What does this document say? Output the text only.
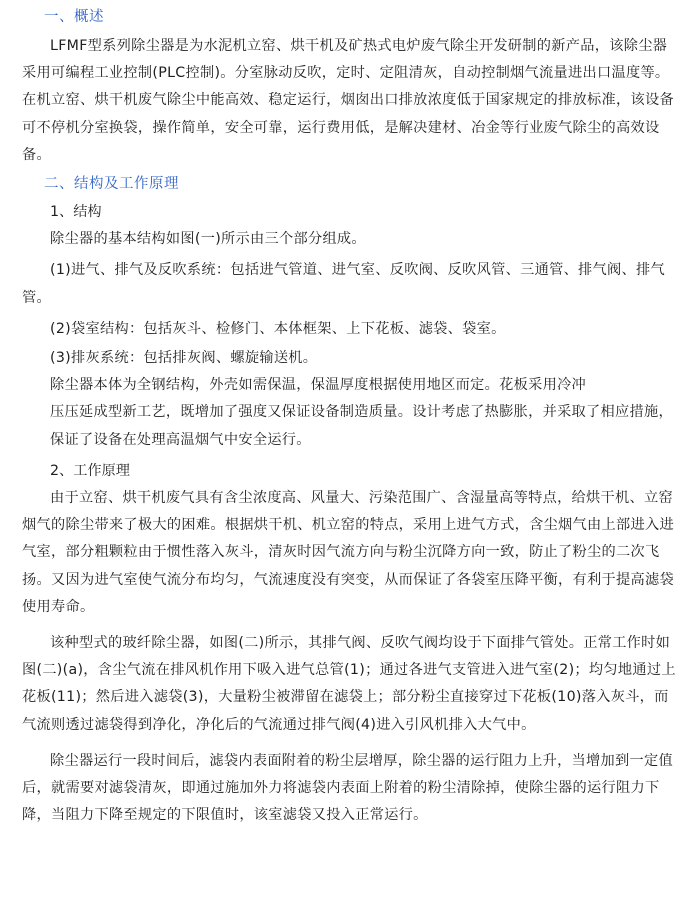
一、概述

LFMF型系列除尘器是为水泥机立窑、烘干机及矿热式电炉废气除尘开发研制的新产品，该除尘器采用可编程工业控制(PLC控制)。分室脉动反吹，定时、定阻清灰，自动控制烟气流量进出口温度等。在机立窑、烘干机废气除尘中能高效、稳定运行，烟囱出口排放浓度低于国家规定的排放标准，该设备可不停机分室换袋，操作简单，安全可靠，运行费用低，是解决建材、冶金等行业废气除尘的高效设备。

二、结构及工作原理
1、结构

除尘器的基本结构如图(一)所示由三个部分组成。

(1)进气、排气及反吹系统：包括进气管道、进气室、反吹阀、反吹风管、三通管、排气阀、排气管。

(2)袋室结构：包括灰斗、检修门、本体框架、上下花板、滤袋、袋室。

(3)排灰系统：包括排灰阀、螺旋输送机。

除尘器本体为全钢结构，外壳如需保温，保温厚度根据使用地区而定。花板采用冷冲

压压延成型新工艺，既增加了强度又保证设备制造质量。设计考虑了热膨胀，并采取了相应措施，保证了设备在处理高温烟气中安全运行。

2、工作原理

由于立窑、烘干机废气具有含尘浓度高、风量大、污染范围广、含湿量高等特点，给烘干机、立窑烟气的除尘带来了极大的困难。根据烘干机、机立窑的特点，采用上进气方式，含尘烟气由上部进入进气室，部分粗颗粒由于惯性落入灰斗，清灰时因气流方向与粉尘沉降方向一致，防止了粉尘的二次飞扬。又因为进气室使气流分布均匀，气流速度没有突变，从而保证了各袋室压降平衡，有利于提高滤袋使用寿命。

该种型式的玻纤除尘器，如图(二)所示，其排气阀、反吹气阀均设于下面排气管处。正常工作时如图(二)(a)，含尘气流在排风机作用下吸入进气总管(1)；通过各进气支管进入进气室(2)；均匀地通过上花板(11)；然后进入滤袋(3)，大量粉尘被滞留在滤袋上；部分粉尘直接穿过下花板(10)落入灰斗，而气流则透过滤袋得到净化，净化后的气流通过排气阀(4)进入引风机排入大气中。

除尘器运行一段时间后，滤袋内表面附着的粉尘层增厚，除尘器的运行阻力上升，当增加到一定值后，就需要对滤袋清灰，即通过施加外力将滤袋内表面上附着的粉尘清除掉，使除尘器的运行阻力下降，当阻力下降至规定的下限值时，该室滤袋又投入正常运行。
